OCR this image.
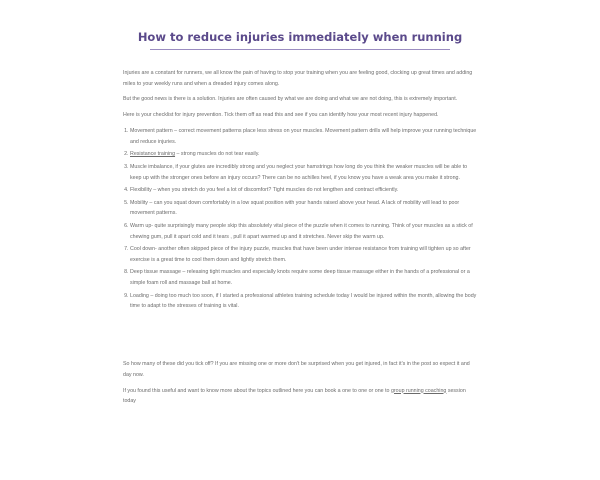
How to reduce injuries immediately when running

Injuries are a constant for runners, we all know the pain of having to stop your training when you are feeling good, clocking up great times and adding miles to your weekly runs and when a dreaded injury comes along.

But the good news is there is a solution. Injuries are often caused by what we are doing and what we are not doing, this is extremely important.

Here is your checklist for injury prevention. Tick them off as read this and see if you can identify how your most recent injury happened.

1. Movement pattern – correct movement patterns place less stress on your muscles. Movement pattern drills will help improve your running technique and reduce injuries.
2. Resistance training – strong muscles do not tear easily.
3. Muscle imbalance, if your glutes are incredibly strong and you neglect your hamstrings how long do you think the weaker muscles will be able to keep up with the stronger ones before an injury occurs? There can be no achilles heel, if you know you have a weak area you make it strong.
4. Flexibility – when you stretch do you feel a lot of discomfort? Tight muscles do not lengthen and contract efficiently.
5. Mobility – can you squat down comfortably in a low squat position with your hands raised above your head. A lack of mobility will lead to poor movement patterns.
6. Warm up- quite surprisingly many people skip this absolutely vital piece of the puzzle when it comes to running. Think of your muscles as a stick of chewing gum, pull it apart cold and it tears , pull it apart warmed up and it stretches. Never skip the warm up.
7. Cool down- another often skipped piece of the injury puzzle, muscles that have been under intense resistance from training will tighten up so after exercise is a great time to cool them down and lightly stretch them.
8. Deep tissue massage – releasing tight muscles and especially knots require some deep tissue massage either in the hands of a professional or a simple foam roll and massage ball at home.
9. Loading – doing too much too soon, if I started a professional athletes training schedule today I would be injured within the month, allowing the body time to adapt to the stresses of training is vital.

So how many of these did you tick off? If you are missing one or more don't be surprised when you get injured, in fact it's in the post so expect it and day now.

If you found this useful and want to know more about the topics outlined here you can book a one to one or one to group running coaching session today
